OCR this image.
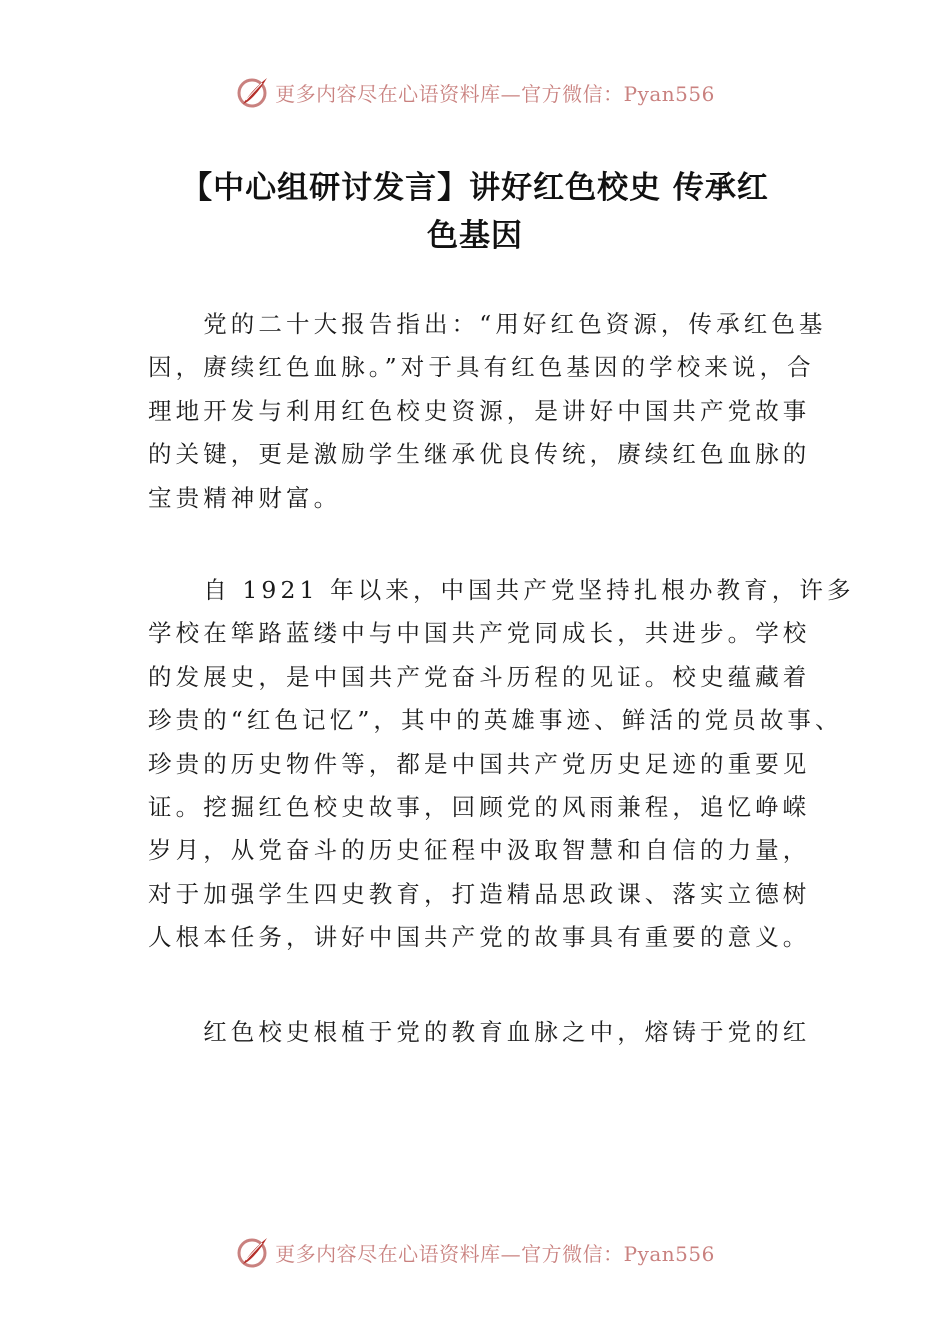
更多内容尽在心语资料库—官方微信：Pyan556
【中心组研讨发言】讲好红色校史 传承红
色基因
　　党的二十大报告指出：“用好红色资源，传承红色基
因，赓续红色血脉。”对于具有红色基因的学校来说，合
理地开发与利用红色校史资源，是讲好中国共产党故事
的关键，更是激励学生继承优良传统，赓续红色血脉的
宝贵精神财富。
　　自 1921 年以来，中国共产党坚持扎根办教育，许多
学校在筚路蓝缕中与中国共产党同成长，共进步。学校
的发展史，是中国共产党奋斗历程的见证。校史蕴藏着
珍贵的“红色记忆”，其中的英雄事迹、鲜活的党员故事、
珍贵的历史物件等，都是中国共产党历史足迹的重要见
证。挖掘红色校史故事，回顾党的风雨兼程，追忆峥嵘
岁月，从党奋斗的历史征程中汲取智慧和自信的力量，
对于加强学生四史教育，打造精品思政课、落实立德树
人根本任务，讲好中国共产党的故事具有重要的意义。
　　红色校史根植于党的教育血脉之中，熔铸于党的红
更多内容尽在心语资料库—官方微信：Pyan556
